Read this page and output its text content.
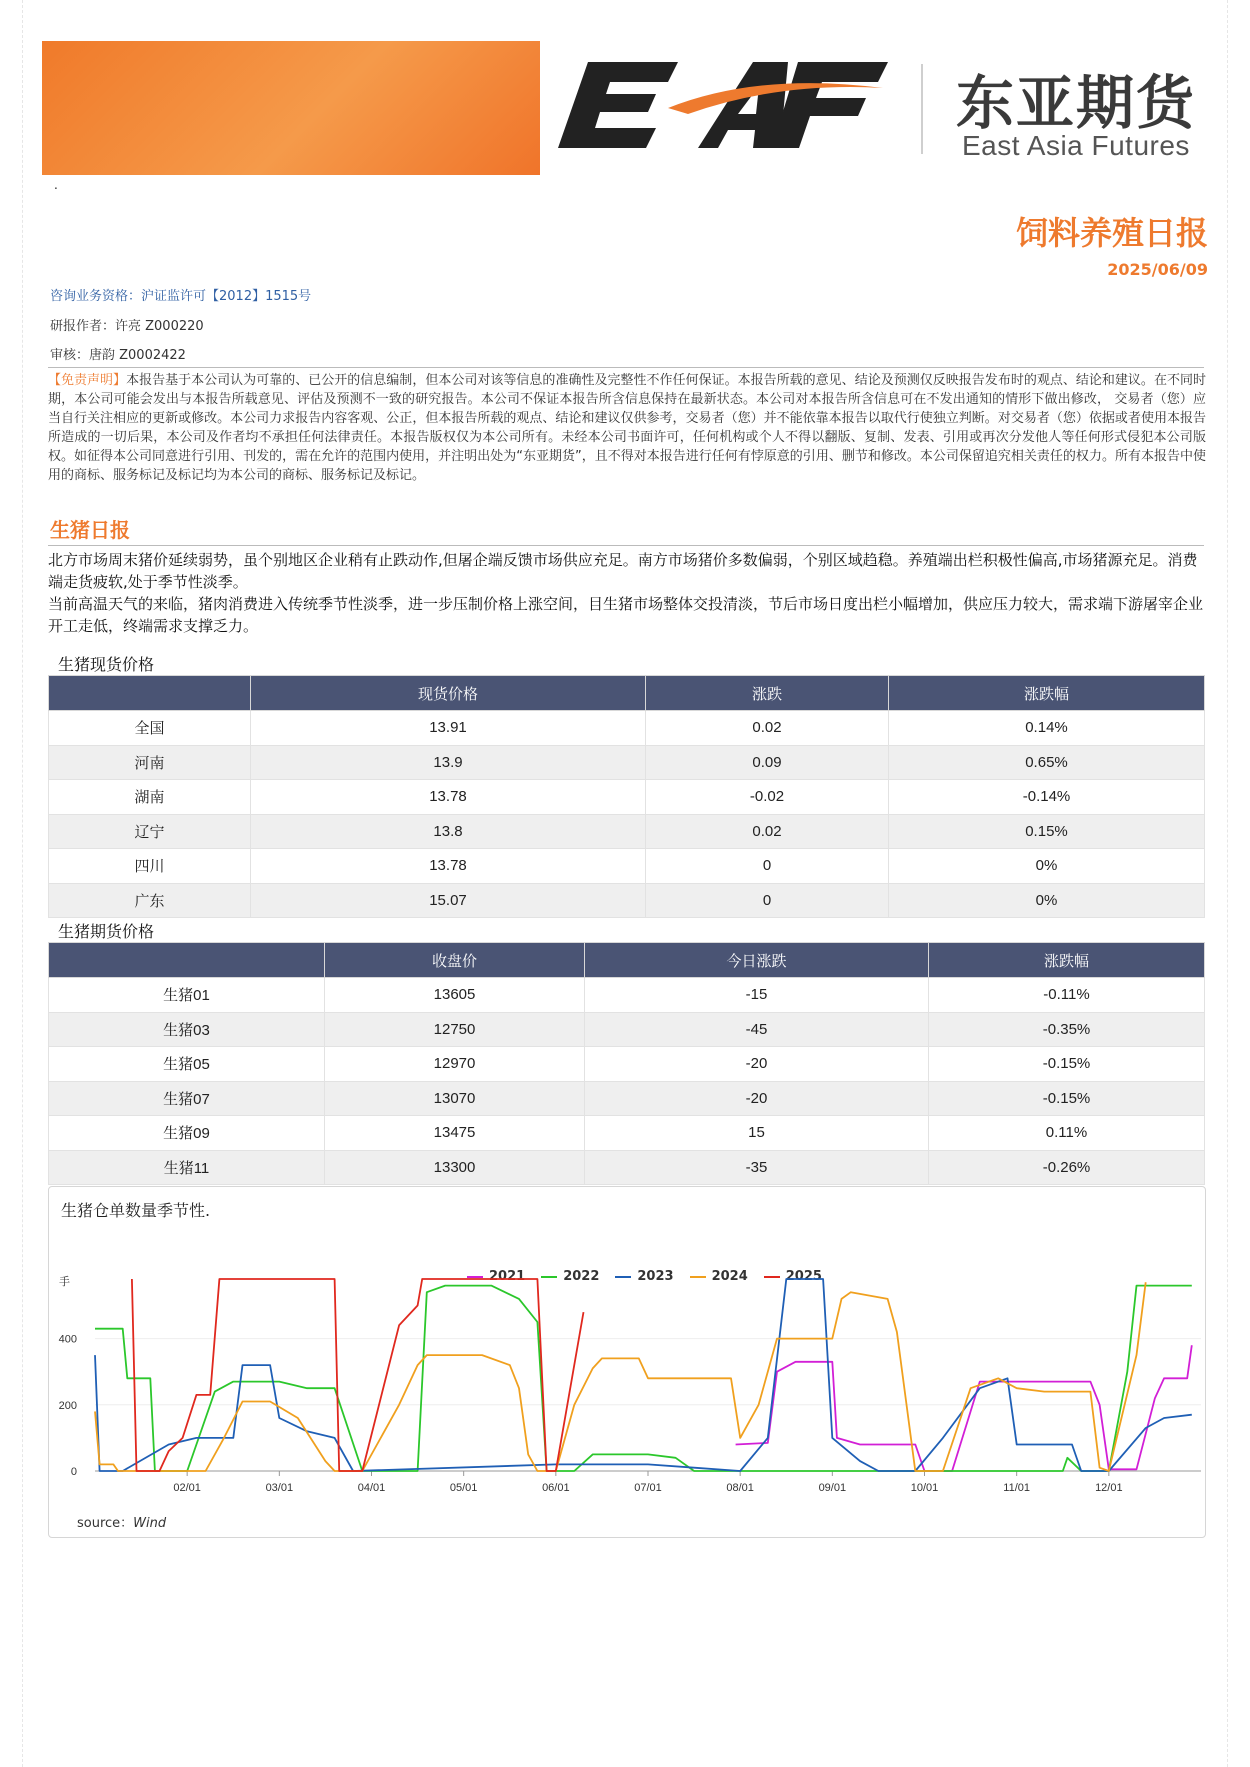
.
东亚期货
East Asia Futures
饲料养殖日报
2025/06/09
咨询业务资格：沪证监许可【2012】1515号
研报作者：许亮 Z000220
审核：唐韵 Z0002422
【免责声明】本报告基于本公司认为可靠的、已公开的信息编制，但本公司对该等信息的准确性及完整性不作任何保证。本报告所载的意见、结论及预测仅反映报告发布时的观点、结论和建议。在不同时期，本公司可能会发出与本报告所载意见、评估及预测不一致的研究报告。本公司不保证本报告所含信息保持在最新状态。本公司对本报告所含信息可在不发出通知的情形下做出修改， 交易者（您）应当自行关注相应的更新或修改。本公司力求报告内容客观、公正，但本报告所载的观点、结论和建议仅供参考，交易者（您）并不能依靠本报告以取代行使独立判断。对交易者（您）依据或者使用本报告所造成的一切后果，本公司及作者均不承担任何法律责任。本报告版权仅为本公司所有。未经本公司书面许可，任何机构或个人不得以翻版、复制、发表、引用或再次分发他人等任何形式侵犯本公司版权。如征得本公司同意进行引用、刊发的，需在允许的范围内使用，并注明出处为“东亚期货”，且不得对本报告进行任何有悖原意的引用、删节和修改。本公司保留追究相关责任的权力。所有本报告中使用的商标、服务标记及标记均为本公司的商标、服务标记及标记。
生猪日报
北方市场周末猪价延续弱势，虽个别地区企业稍有止跌动作,但屠企端反馈市场供应充足。南方市场猪价多数偏弱，个别区域趋稳。养殖端出栏积极性偏高,市场猪源充足。消费端走货疲软,处于季节性淡季。
当前高温天气的来临，猪肉消费进入传统季节性淡季，进一步压制价格上涨空间，目生猪市场整体交投清淡，节后市场日度出栏小幅增加，供应压力较大，需求端下游屠宰企业开工走低，终端需求支撑乏力。
生猪现货价格
	现货价格	涨跌	涨跌幅
全国	13.91	0.02	0.14%
河南	13.9	0.09	0.65%
湖南	13.78	-0.02	-0.14%
辽宁	13.8	0.02	0.15%
四川	13.78	0	0%
广东	15.07	0	0%
生猪期货价格
	收盘价	今日涨跌	涨跌幅
生猪01	13605	-15	-0.11%
生猪03	12750	-45	-0.35%
生猪05	12970	-20	-0.15%
生猪07	13070	-20	-0.15%
生猪09	13475	15	0.11%
生猪11	13300	-35	-0.26%
生猪仓单数量季节性.
2021	2022	2023	2024	2025
手
0
200
400
02/01	03/01	04/01	05/01	06/01	07/01	08/01	09/01	10/01	11/01	12/01
source：Wind
